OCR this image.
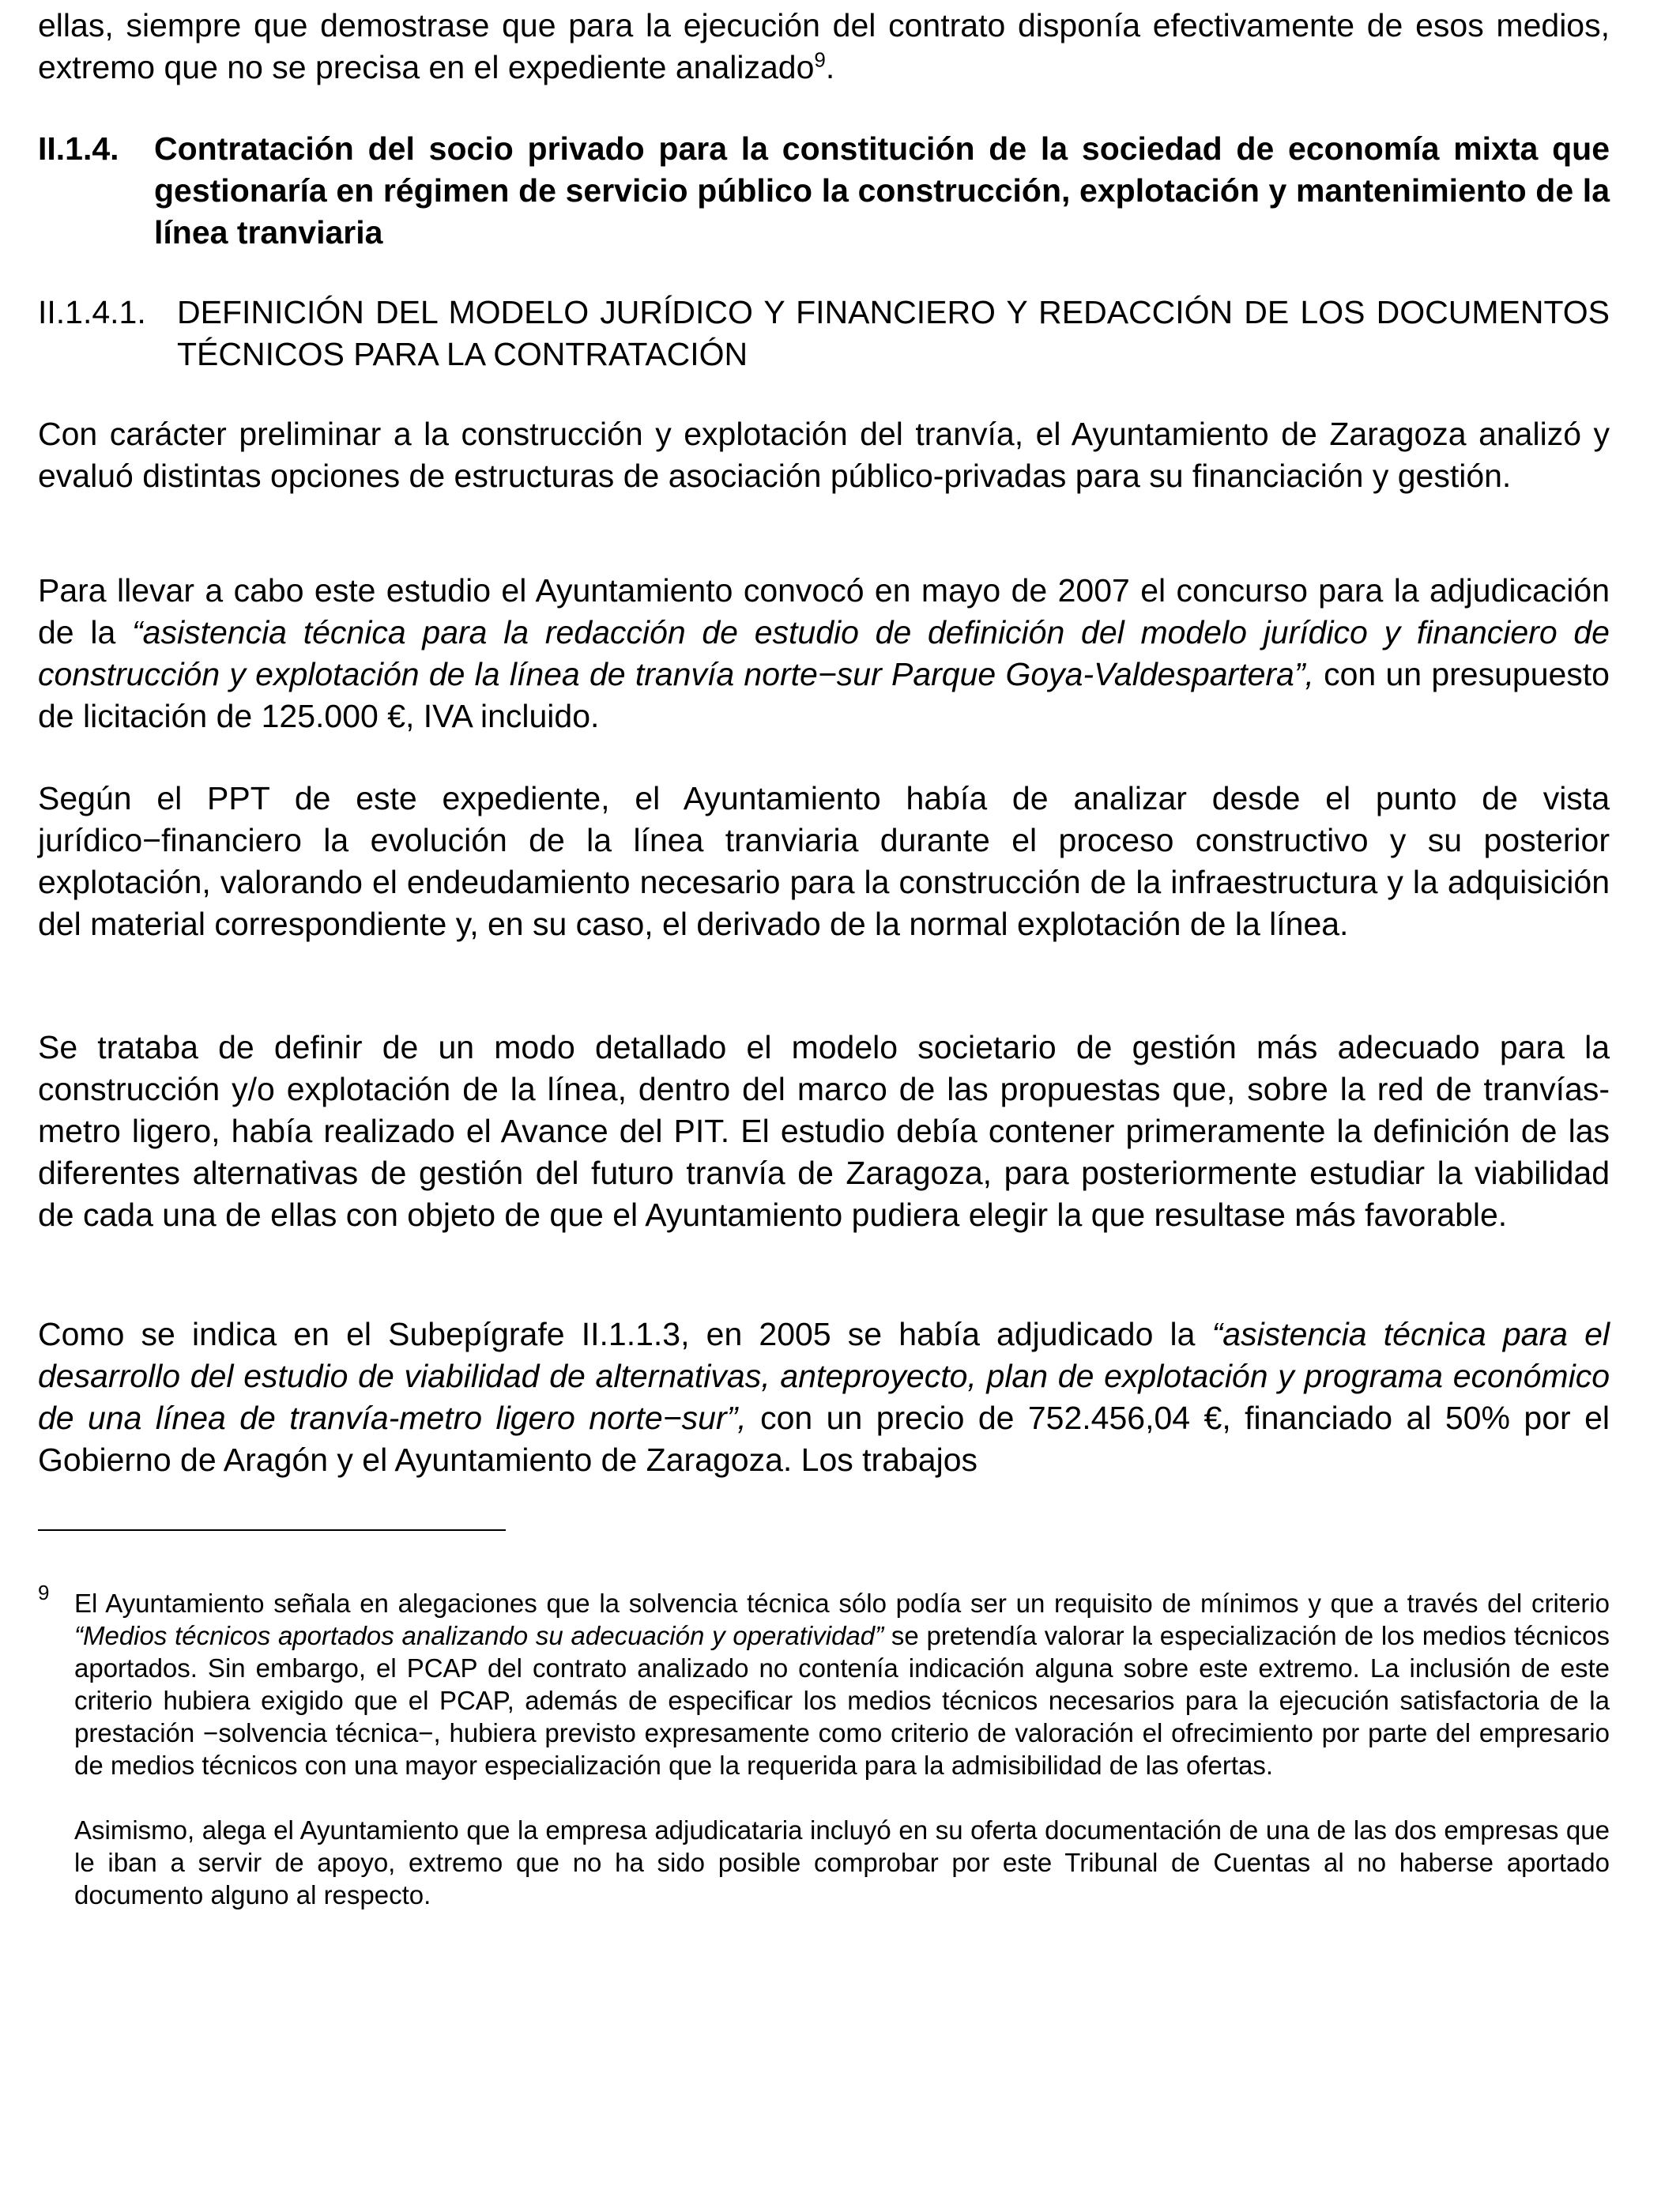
ellas, siempre que demostrase que para la ejecución del contrato disponía efectivamente de esos medios, extremo que no se precisa en el expediente analizado$^9$.

II.1.4. Contratación del socio privado para la constitución de la sociedad de economía mixta que gestionaría en régimen de servicio público la construcción, explotación y mantenimiento de la línea tranviaria
II.1.4.1. DEFINICIÓN DEL MODELO JURÍDICO Y FINANCIERO Y REDACCIÓN DE LOS DOCUMENTOS TÉCNICOS PARA LA CONTRATACIÓN

Con carácter preliminar a la construcción y explotación del tranvía, el Ayuntamiento de Zaragoza analizó y evaluó distintas opciones de estructuras de asociación público-privadas para su financiación y gestión.

Para llevar a cabo este estudio el Ayuntamiento convocó en mayo de 2007 el concurso para la adjudicación de la “asistencia técnica para la redacción de estudio de definición del modelo jurídico y financiero de construcción y explotación de la línea de tranvía norte−sur Parque Goya-Valdespartera”, con un presupuesto de licitación de 125.000 €, IVA incluido.

Según el PPT de este expediente, el Ayuntamiento había de analizar desde el punto de vista jurídico−financiero la evolución de la línea tranviaria durante el proceso constructivo y su posterior explotación, valorando el endeudamiento necesario para la construcción de la infraestructura y la adquisición del material correspondiente y, en su caso, el derivado de la normal explotación de la línea.

Se trataba de definir de un modo detallado el modelo societario de gestión más adecuado para la construcción y/o explotación de la línea, dentro del marco de las propuestas que, sobre la red de tranvías-metro ligero, había realizado el Avance del PIT. El estudio debía contener primeramente la definición de las diferentes alternativas de gestión del futuro tranvía de Zaragoza, para posteriormente estudiar la viabilidad de cada una de ellas con objeto de que el Ayuntamiento pudiera elegir la que resultase más favorable.

Como se indica en el Subepígrafe II.1.1.3, en 2005 se había adjudicado la “asistencia técnica para el desarrollo del estudio de viabilidad de alternativas, anteproyecto, plan de explotación y programa económico de una línea de tranvía-metro ligero norte−sur”, con un precio de 752.456,04 €, financiado al 50% por el Gobierno de Aragón y el Ayuntamiento de Zaragoza. Los trabajos

9 El Ayuntamiento señala en alegaciones que la solvencia técnica sólo podía ser un requisito de mínimos y que a través del criterio “Medios técnicos aportados analizando su adecuación y operatividad” se pretendía valorar la especialización de los medios técnicos aportados. Sin embargo, el PCAP del contrato analizado no contenía indicación alguna sobre este extremo. La inclusión de este criterio hubiera exigido que el PCAP, además de especificar los medios técnicos necesarios para la ejecución satisfactoria de la prestación −solvencia técnica−, hubiera previsto expresamente como criterio de valoración el ofrecimiento por parte del empresario de medios técnicos con una mayor especialización que la requerida para la admisibilidad de las ofertas.

Asimismo, alega el Ayuntamiento que la empresa adjudicataria incluyó en su oferta documentación de una de las dos empresas que le iban a servir de apoyo, extremo que no ha sido posible comprobar por este Tribunal de Cuentas al no haberse aportado documento alguno al respecto.
